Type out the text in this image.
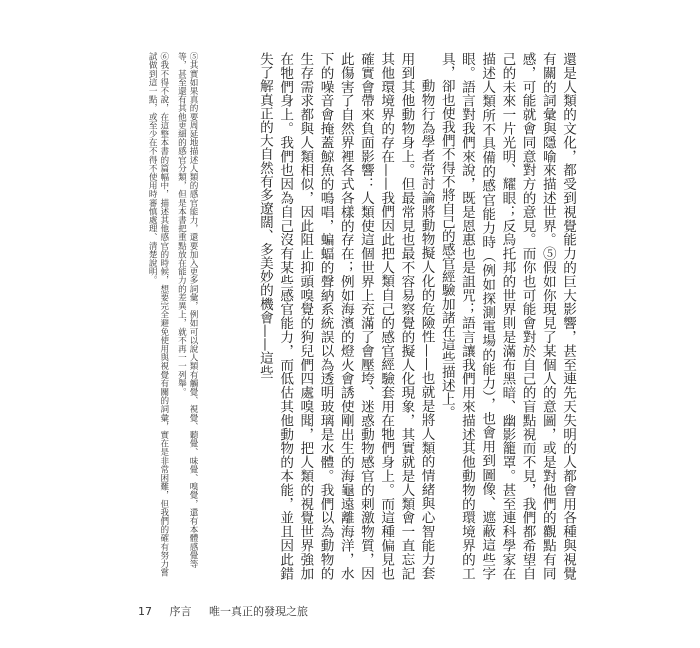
還是人類的文化，都受到視覺能力的巨大影響，甚至連先天失明的人都會用各種與視覺有關的詞彙與隱喻來描述世界。⑤假如你現見了某個人的意圖，或是對他們的觀點有同感，可能就會同意對方的意見。而你也可能會對於自己的盲點視而不見，我們都希望自己的未來一片光明、耀眼；反烏托邦的世界則是滿布黑暗、幽影籠罩。甚至連科學家在描述人類所不具備的感官能力時（例如探測電場的能力），也會用到圖像、遮蔽這些字眼。語言對我們來說，既是恩惠也是詛咒；語言讓我們用來描述其他動物的環境界的工具，卻也使我們不得不將自己的感官經驗加諸在這些描述上。

動物行為學者常討論將動物擬人化的危險性——也就是將人類的情緒與心智能力套用到其他動物身上。但最常見也最不容易察覺的擬人化現象，其實就是人類會一直忘記其他環境界的存在——我們因此把人類自己的感官經驗套用在牠們身上。而這種偏見也確實會帶來負面影響：人類使這個世界上充滿了會壓垮、迷惑動物感官的刺激物質，因此傷害了自然界裡各式各樣的存在；例如海濱的燈火會誘使剛出生的海龜遠離海洋，水下的噪音會掩蓋鯨魚的鳴唱，蝙蝠的聲納系統誤以為透明玻璃是水體。我們以為動物的生存需求都與人類相似，因此阻止抑頭嗅覺的狗兒們四處嗅聞，把人類的視覺世界強加在牠們身上。我們也因為自己沒有某些感官能力，而低估其他動物的本能，並且因此錯失了解真正的大自然有多遼闊、多美妙的機會——這些

⑤其實如果真的要周延地描述人類的感官能力，還要加入更多詞彙，例如可以說人類有觸覺、視覺、聽覺、味覺、嗅覺，還有本體感覺等等，甚至還有其他更細的感官分類，但是本書把重點放在能力的差異上，就不再一一列舉。

⑥我不得不說，在這整本書的篇幅中，描述其他感官的時候，想要完全避免使用與視覺有關的詞彙，實在是非常困難，但我們的確有努力嘗試做到這一點，或至少在不得不使用時審慎處理、清楚說明。

17 序言 唯一真正的發現之旅
